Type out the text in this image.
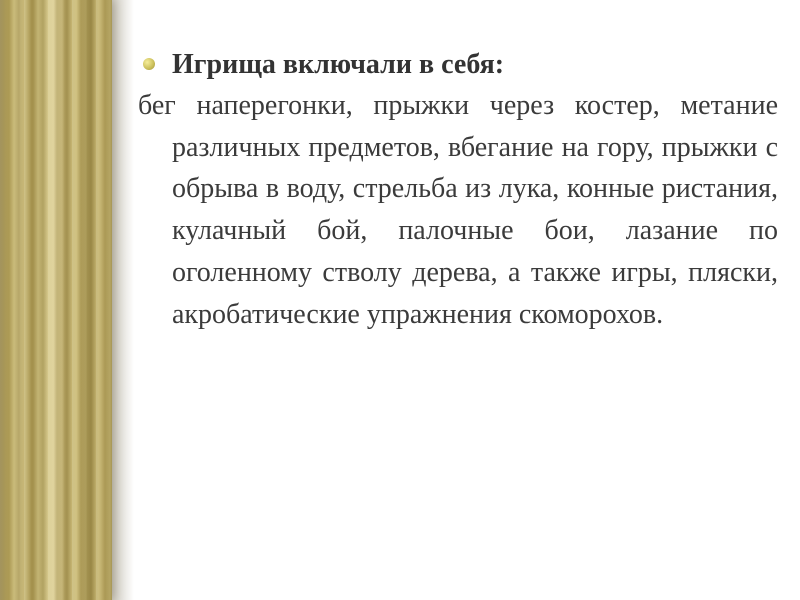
Игрища включали в себя:

бег наперегонки, прыжки через костер, метание различных предметов, вбегание на гору, прыжки с обрыва в воду, стрельба из лука, конные ристания, кулачный бой, палочные бои, лазание по оголенному стволу дерева, а также игры, пляски, акробатические упражнения скоморохов.
